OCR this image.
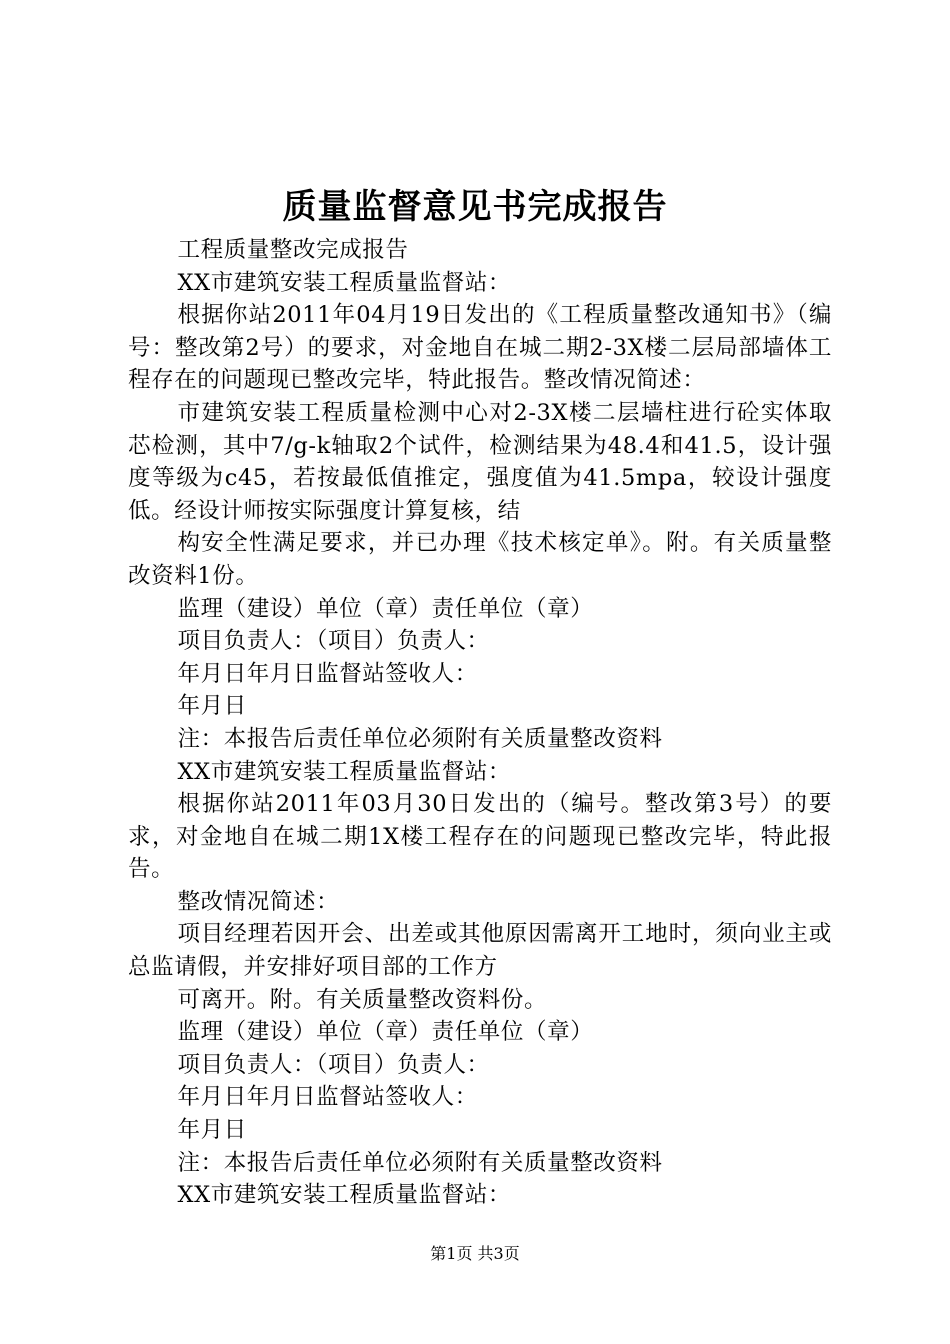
质量监督意见书完成报告

工程质量整改完成报告

XX市建筑安装工程质量监督站：

根据你站2011年04月19日发出的《工程质量整改通知书》（编号：整改第2号）的要求，对金地自在城二期2-3X楼二层局部墙体工程存在的问题现已整改完毕，特此报告。整改情况简述：

市建筑安装工程质量检测中心对2-3X楼二层墙柱进行砼实体取芯检测，其中7/g-k轴取2个试件，检测结果为48.4和41.5，设计强度等级为c45，若按最低值推定，强度值为41.5mpa，较设计强度低。经设计师按实际强度计算复核，结

构安全性满足要求，并已办理《技术核定单》。附。有关质量整改资料1份。

监理（建设）单位（章）责任单位（章）

项目负责人：（项目）负责人：

年月日年月日监督站签收人：

年月日

注：本报告后责任单位必须附有关质量整改资料

XX市建筑安装工程质量监督站：

根据你站2011年03月30日发出的（编号。整改第3号）的要求，对金地自在城二期1X楼工程存在的问题现已整改完毕，特此报告。

整改情况简述：

项目经理若因开会、出差或其他原因需离开工地时，须向业主或总监请假，并安排好项目部的工作方

可离开。附。有关质量整改资料份。

监理（建设）单位（章）责任单位（章）

项目负责人：（项目）负责人：

年月日年月日监督站签收人：

年月日

注：本报告后责任单位必须附有关质量整改资料

XX市建筑安装工程质量监督站：

第1页 共3页
